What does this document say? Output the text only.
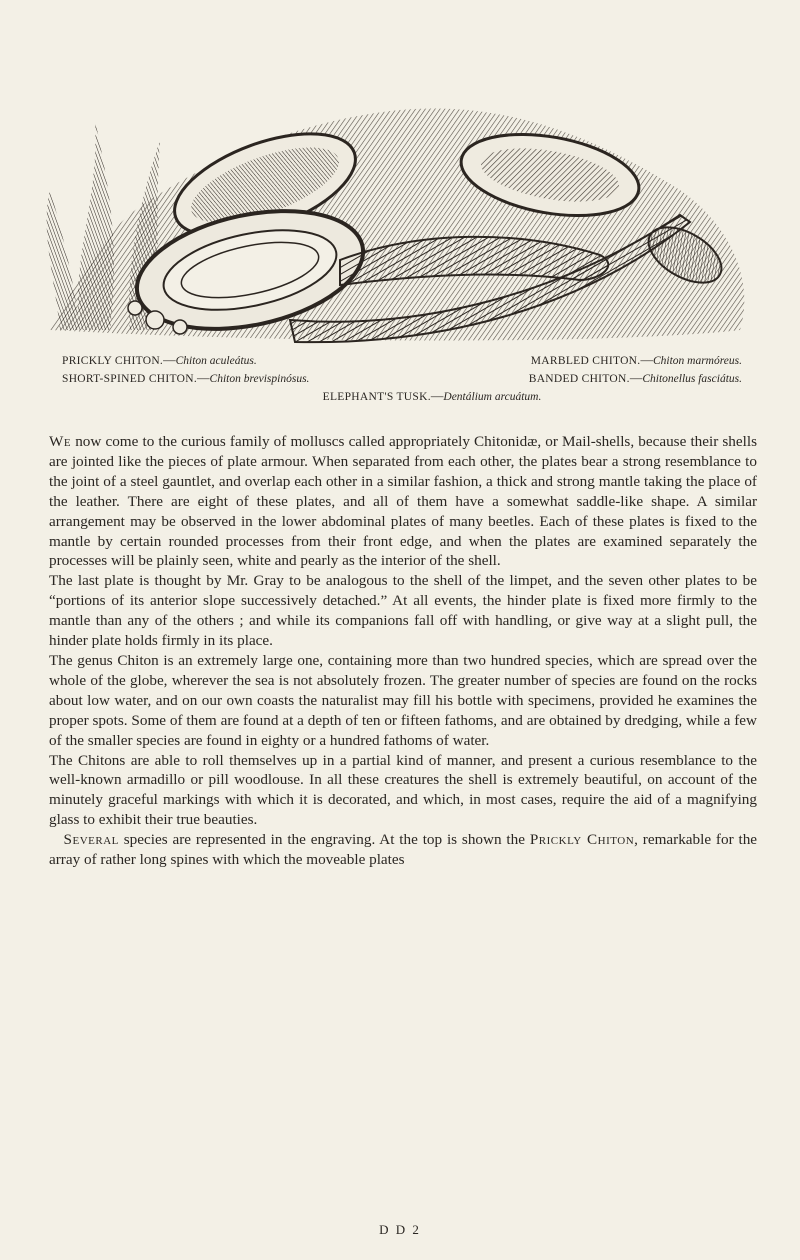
PRICKLY CHITON.—Chiton aculeátus.	MARBLED CHITON.—Chiton marmóreus.
SHORT-SPINED CHITON.—Chiton brevispinósus.	BANDED CHITON.—Chitonellus fasciátus.
ELEPHANT'S TUSK.—Dentálium arcuátum.

We now come to the curious family of molluscs called appropriately Chitonidæ, or Mail-shells, because their shells are jointed like the pieces of plate armour. When separated from each other, the plates bear a strong resemblance to the joint of a steel gauntlet, and overlap each other in a similar fashion, a thick and strong mantle taking the place of the leather. There are eight of these plates, and all of them have a somewhat saddle-like shape. A similar arrangement may be observed in the lower abdominal plates of many beetles. Each of these plates is fixed to the mantle by certain rounded processes from their front edge, and when the plates are examined separately the processes will be plainly seen, white and pearly as the interior of the shell.

The last plate is thought by Mr. Gray to be analogous to the shell of the limpet, and the seven other plates to be “portions of its anterior slope successively detached.” At all events, the hinder plate is fixed more firmly to the mantle than any of the others ; and while its companions fall off with handling, or give way at a slight pull, the hinder plate holds firmly in its place.

The genus Chiton is an extremely large one, containing more than two hundred species, which are spread over the whole of the globe, wherever the sea is not absolutely frozen. The greater number of species are found on the rocks about low water, and on our own coasts the naturalist may fill his bottle with specimens, provided he examines the proper spots. Some of them are found at a depth of ten or fifteen fathoms, and are obtained by dredging, while a few of the smaller species are found in eighty or a hundred fathoms of water.

The Chitons are able to roll themselves up in a partial kind of manner, and present a curious resemblance to the well-known armadillo or pill woodlouse. In all these creatures the shell is extremely beautiful, on account of the minutely graceful markings with which it is decorated, and which, in most cases, require the aid of a magnifying glass to exhibit their true beauties.

Several species are represented in the engraving. At the top is shown the Prickly Chiton, remarkable for the array of rather long spines with which the moveable plates

D D 2
